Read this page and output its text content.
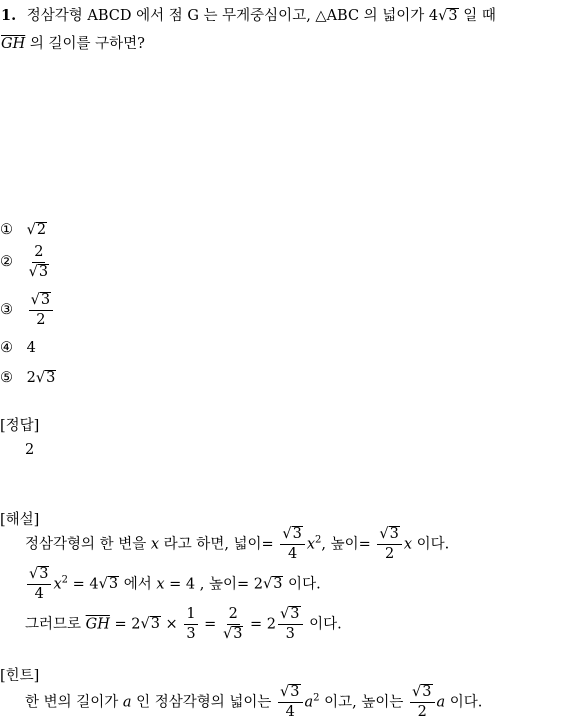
1. 정삼각형 ABCD 에서 점 G 는 무게중심이고, △ABC 의 넓이가 4√3 일 때
$\overline{GH}$ 의 길이를 구하면?
① √2
② $\frac{2}{√3}$
③ $\frac{√3}{2}$
④ 4
⑤ 2√3
[정답]
2
[해설]
정삼각형의 한 변을 x 라고 하면, 넓이= $\frac{√3}{4} x^2$, 높이= $\frac{√3}{2}$ x 이다.
$\frac{√3}{4} x^2 = 4√3$ 에서 x = 4 , 높이= 2√3 이다.
그러므로 $\overline{GH} = 2√3 \times \frac{1}{3} = \frac{2}{√3} = 2 \frac{√3}{3}$ 이다.
[힌트]
한 변의 길이가 a 인 정삼각형의 넓이는 $\frac{√3}{4} a^2$ 이고, 높이는 $\frac{√3}{2}$ a 이다.
